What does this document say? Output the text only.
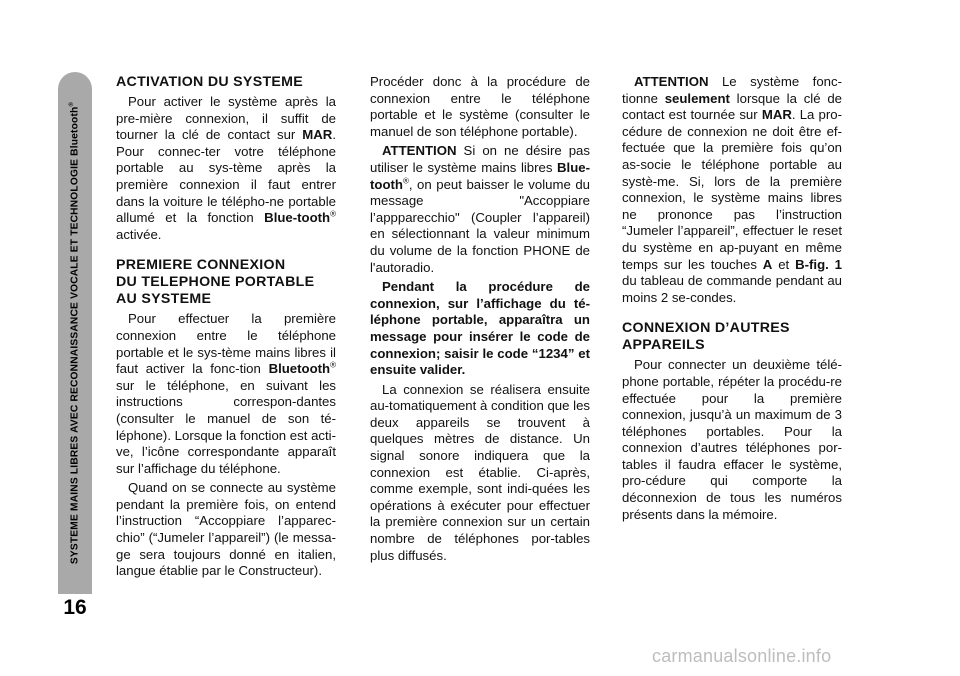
SYSTEME MAINS LIBRES AVEC RECONNAISSANCE VOCALE ET TECHNOLOGIE Bluetooth®
16
ACTIVATION DU SYSTEME

Pour activer le système après la pre-mière connexion, il suffit de tourner la clé de contact sur MAR. Pour connec-ter votre téléphone portable au sys-tème après la première connexion il faut entrer dans la voiture le télépho-ne portable allumé et la fonction Blue-tooth® activée.

PREMIERE CONNEXION
DU TELEPHONE PORTABLE
AU SYSTEME

Pour effectuer la première connexion entre le téléphone portable et le sys-tème mains libres il faut activer la fonc-tion Bluetooth® sur le téléphone, en suivant les instructions correspon-dantes (consulter le manuel de son té-léphone). Lorsque la fonction est acti-ve, l’icône correspondante apparaît sur l’affichage du téléphone.

Quand on se connecte au système pendant la première fois, on entend l’instruction “Accoppiare l’apparec-chio” (“Jumeler l’appareil”) (le messa-ge sera toujours donné en italien, langue établie par le Constructeur).

Procéder donc à la procédure de connexion entre le téléphone portable et le système (consulter le manuel de son téléphone portable).

ATTENTION Si on ne désire pas utiliser le système mains libres Blue-tooth®, on peut baisser le volume du message "Accoppiare l’appparecchio" (Coupler l’appareil) en sélectionnant la valeur minimum du volume de la fonction PHONE de l'autoradio.

Pendant la procédure de connexion, sur l’affichage du té-léphone portable, apparaîtra un message pour insérer le code de connexion; saisir le code “1234” et ensuite valider.

La connexion se réalisera ensuite au-tomatiquement à condition que les deux appareils se trouvent à quelques mètres de distance. Un signal sonore indiquera que la connexion est établie. Ci-après, comme exemple, sont indi-quées les opérations à exécuter pour effectuer la première connexion sur un certain nombre de téléphones por-tables plus diffusés.

ATTENTION Le système fonc-tionne seulement lorsque la clé de contact est tournée sur MAR. La pro-cédure de connexion ne doit être ef-fectuée que la première fois qu’on as-socie le téléphone portable au systè-me. Si, lors de la première connexion, le système mains libres ne prononce pas l’instruction “Jumeler l’appareil”, effectuer le reset du système en ap-puyant en même temps sur les touches A et B-fig. 1 du tableau de commande pendant au moins 2 se-condes.

CONNEXION D’AUTRES
APPAREILS

Pour connecter un deuxième télé-phone portable, répéter la procédu-re effectuée pour la première connexion, jusqu’à un maximum de 3 téléphones portables. Pour la connexion d’autres téléphones por-tables il faudra effacer le système, pro-cédure qui comporte la déconnexion de tous les numéros présents dans la mémoire.

carmanualsonline.info
